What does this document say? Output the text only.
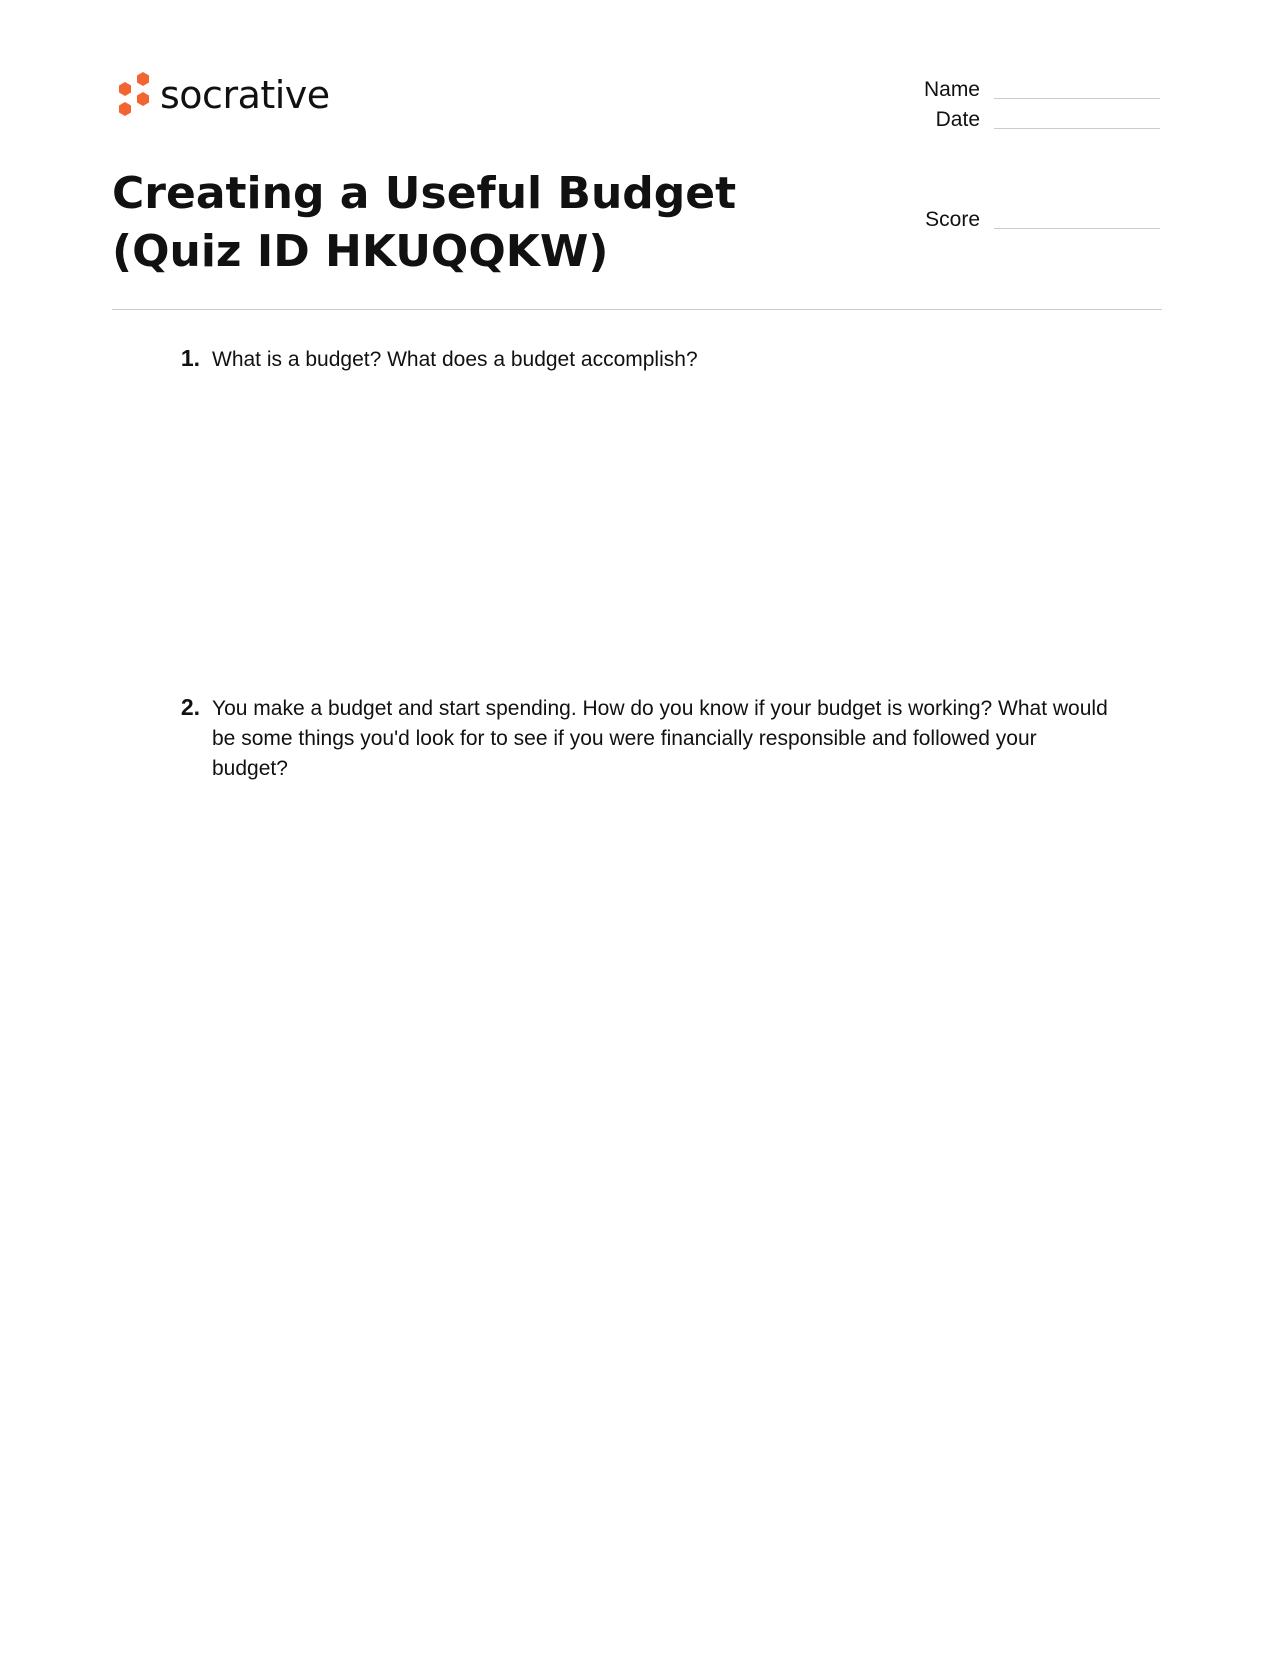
socrative	Name
Date
Score
Creating a Useful Budget (Quiz ID HKUQQKW)
1. What is a budget? What does a budget accomplish?
2. You make a budget and start spending. How do you know if your budget is working? What would be some things you'd look for to see if you were financially responsible and followed your budget?
